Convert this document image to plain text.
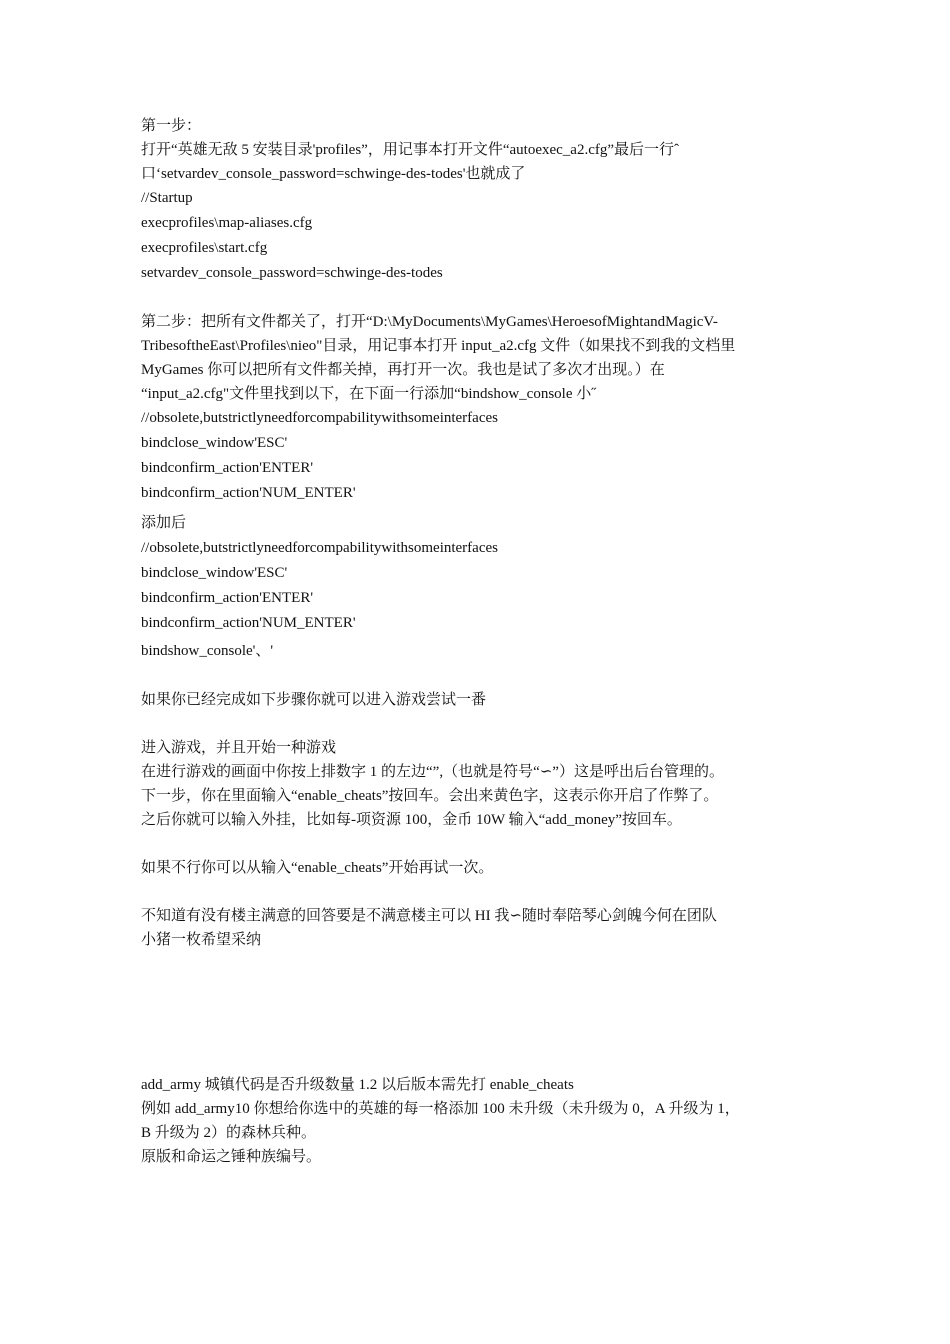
第一步：
打开“英雄无敌 5 安装目录'profiles”，用记事本打开文件“autoexec_a2.cfg”最后一行ˆ
口‘setvardev_console_password=schwinge-des-todes'也就成了
//Startup
execprofiles\map-aliases.cfg
execprofiles\start.cfg
setvardev_console_password=schwinge-des-todes
第二步：把所有文件都关了，打开“D:\MyDocuments\MyGames\HeroesofMightandMagicV-
TribesoftheEast\Profiles\nieo"目录，用记事本打开 input_a2.cfg 文件（如果找不到我的文档里
MyGames 你可以把所有文件都关掉，再打开一次。我也是试了多次才出现。）在
“input_a2.cfg"文件里找到以下，在下面一行添加“bindshow_console 小˝
//obsolete,butstrictlyneedforcompabilitywithsomeinterfaces
bindclose_window'ESC'
bindconfirm_action'ENTER'
bindconfirm_action'NUM_ENTER'
添加后
//obsolete,butstrictlyneedforcompabilitywithsomeinterfaces
bindclose_window'ESC'
bindconfirm_action'ENTER'
bindconfirm_action'NUM_ENTER'
bindshow_console'、'
如果你已经完成如下步骤你就可以进入游戏尝试一番
进入游戏，并且开始一种游戏
在进行游戏的画面中你按上排数字 1 的左边“”,（也就是符号“∽”）这是呼出后台管理的。
下一步，你在里面输入“enable_cheats”按回车。会出来黄色字，这表示你开启了作弊了。
之后你就可以输入外挂，比如每-项资源 100，金币 10W 输入“add_money”按回车。
如果不行你可以从输入“enable_cheats”开始再试一次。
不知道有没有楼主满意的回答要是不满意楼主可以 HI 我∽随时奉陪琴心剑魄今何在团队
小猪一枚希望采纳
add_army 城镇代码是否升级数量 1.2 以后版本需先打 enable_cheats
例如 add_army10 你想给你选中的英雄的每一格添加 100 未升级（未升级为 0，A 升级为 1，
B 升级为 2）的森林兵种。
原版和命运之锤种族编号。
